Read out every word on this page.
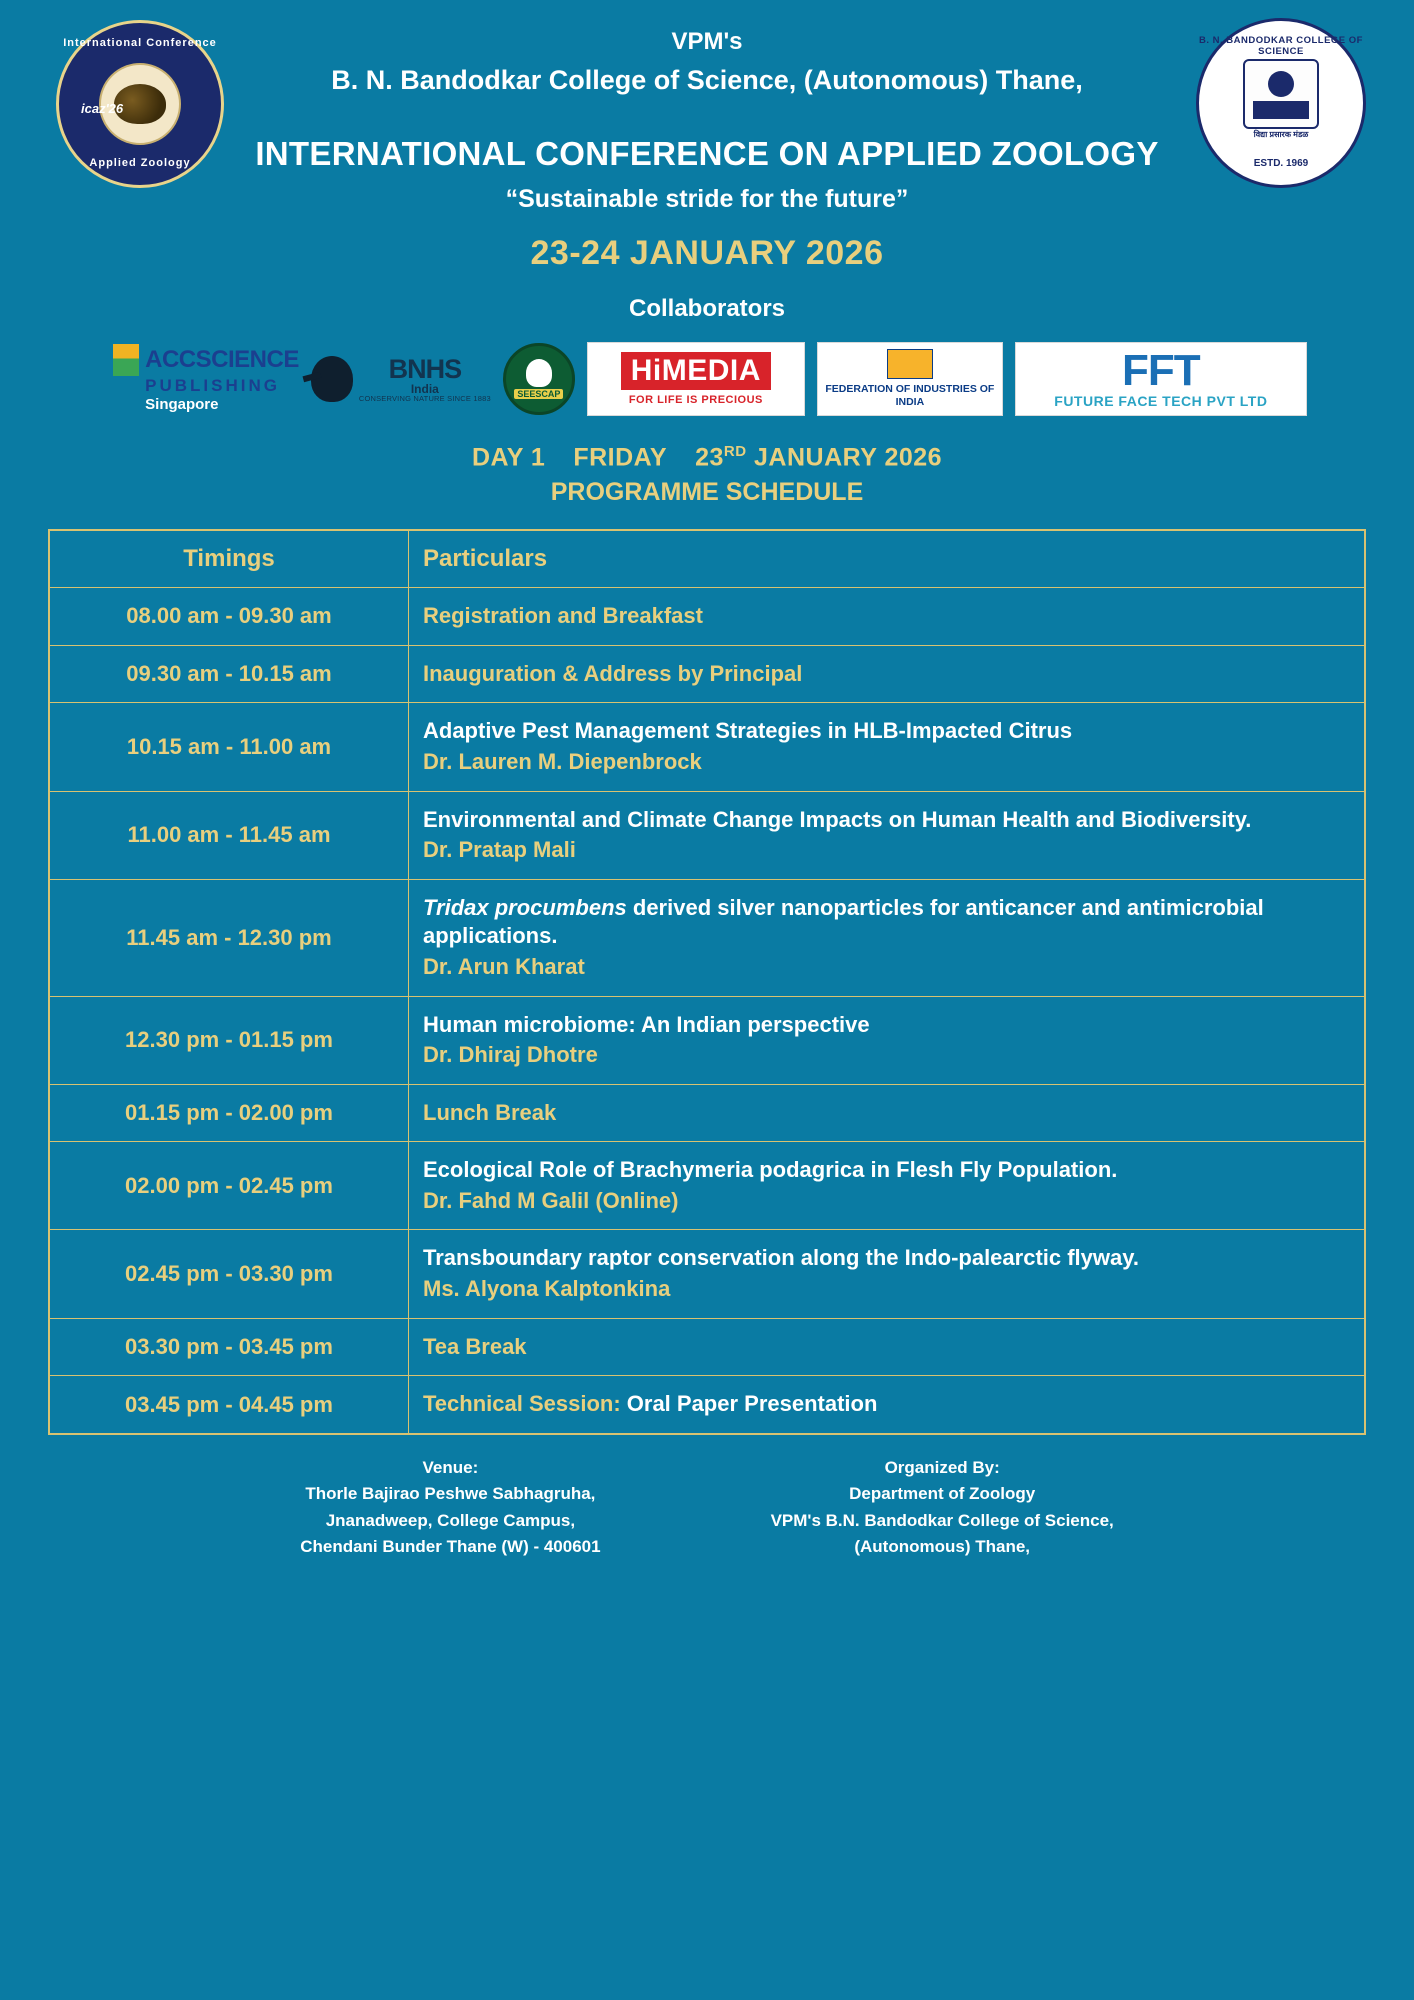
International Conference
icaz'26
Applied Zoology
B. N. BANDODKAR COLLEGE OF SCIENCE
विद्या प्रसारक मंडळ
ESTD. 1969
VPM's
B. N. Bandodkar College of Science, (Autonomous) Thane,
INTERNATIONAL CONFERENCE ON APPLIED ZOOLOGY
“Sustainable stride for the future”
23-24 JANUARY 2026
Collaborators
ACCSCIENCE
PUBLISHING
Singapore
BNHS
India
CONSERVING NATURE SINCE 1883	SEESCAP
HiMEDIA
FOR LIFE IS PRECIOUS
FEDERATION OF INDUSTRIES OF INDIA
FFT
FUTURE FACE TECH PVT LTD
DAY 1 FRIDAY 23RD JANUARY 2026
PROGRAMME SCHEDULE
Timings	Particulars

08.00 am - 09.30 am	Registration and Breakfast

09.30 am - 10.15 am	Inauguration & Address by Principal

10.15 am - 11.00 am	Adaptive Pest Management Strategies in HLB-Impacted Citrus
Dr. Lauren M. Diepenbrock

11.00 am - 11.45 am	Environmental and Climate Change Impacts on Human Health and Biodiversity.
Dr. Pratap Mali

11.45 am - 12.30 pm	Tridax procumbens derived silver nanoparticles for anticancer and antimicrobial applications.
Dr. Arun Kharat

12.30 pm - 01.15 pm	Human microbiome: An Indian perspective
Dr. Dhiraj Dhotre

01.15 pm - 02.00 pm	Lunch Break

02.00 pm - 02.45 pm	Ecological Role of Brachymeria podagrica in Flesh Fly Population.
Dr. Fahd M Galil (Online)

02.45 pm - 03.30 pm	Transboundary raptor conservation along the Indo-palearctic flyway.
Ms. Alyona Kalptonkina

03.30 pm - 03.45 pm	Tea Break

03.45 pm - 04.45 pm	Technical Session: Oral Paper Presentation
Venue:
Thorle Bajirao Peshwe Sabhagruha,
Jnanadweep, College Campus,
Chendani Bunder Thane (W) - 400601
Organized By:
Department of Zoology
VPM's B.N. Bandodkar College of Science,
(Autonomous) Thane,
